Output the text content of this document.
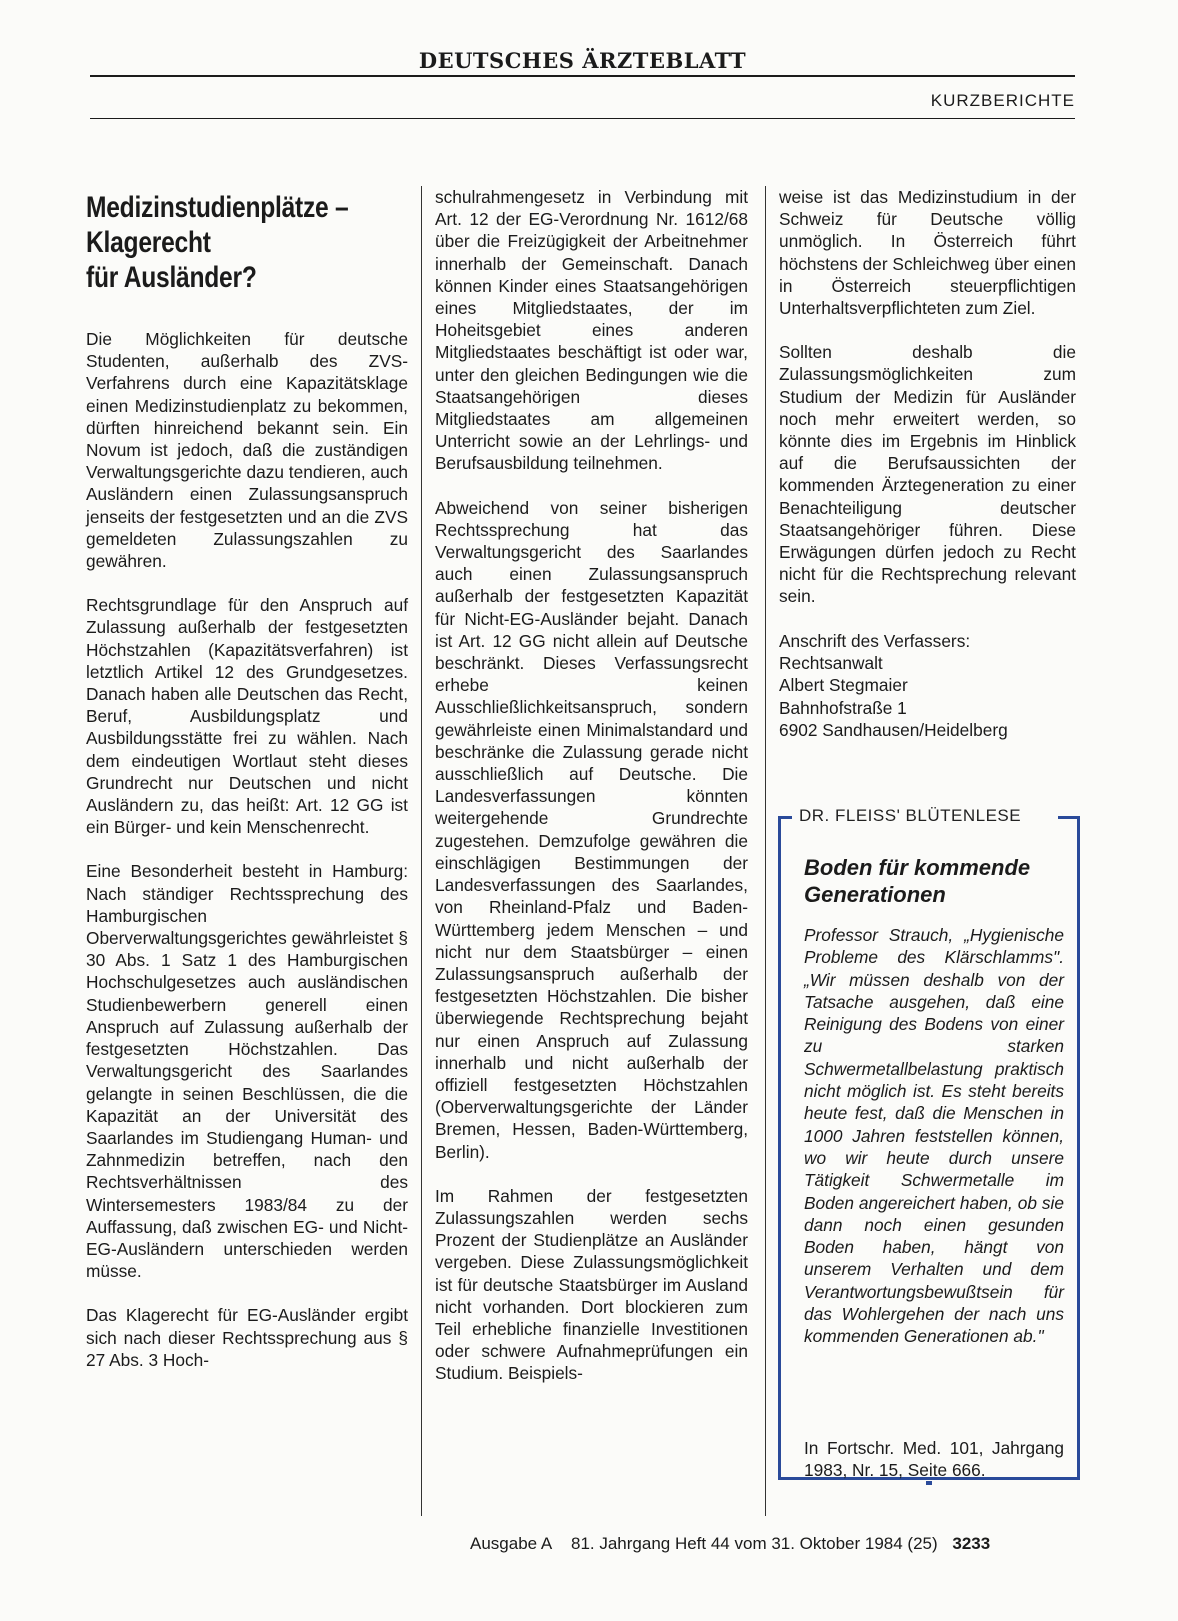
DEUTSCHES ÄRZTEBLATT
KURZBERICHTE
Medizinstudienplätze –
Klagerecht
für Ausländer?

Die Möglichkeiten für deutsche Studenten, außerhalb des ZVS-Verfahrens durch eine Kapazitätsklage einen Medizinstudienplatz zu bekommen, dürften hinreichend bekannt sein. Ein Novum ist jedoch, daß die zuständigen Verwaltungsgerichte dazu tendieren, auch Ausländern einen Zulassungsanspruch jenseits der festgesetzten und an die ZVS gemeldeten Zulassungszahlen zu gewähren.

Rechtsgrundlage für den Anspruch auf Zulassung außerhalb der festgesetzten Höchstzahlen (Kapazitätsverfahren) ist letztlich Artikel 12 des Grundgesetzes. Danach haben alle Deutschen das Recht, Beruf, Ausbildungsplatz und Ausbildungsstätte frei zu wählen. Nach dem eindeutigen Wortlaut steht dieses Grundrecht nur Deutschen und nicht Ausländern zu, das heißt: Art. 12 GG ist ein Bürger- und kein Menschenrecht.

Eine Besonderheit besteht in Hamburg: Nach ständiger Rechtssprechung des Hamburgischen Oberverwaltungsgerichtes gewährleistet § 30 Abs. 1 Satz 1 des Hamburgischen Hochschulgesetzes auch ausländischen Studienbewerbern generell einen Anspruch auf Zulassung außerhalb der festgesetzten Höchstzahlen. Das Verwaltungsgericht des Saarlandes gelangte in seinen Beschlüssen, die die Kapazität an der Universität des Saarlandes im Studiengang Human- und Zahnmedizin betreffen, nach den Rechtsverhältnissen des Wintersemesters 1983/84 zu der Auffassung, daß zwischen EG- und Nicht-EG-Ausländern unterschieden werden müsse.

Das Klagerecht für EG-Ausländer ergibt sich nach dieser Rechtssprechung aus § 27 Abs. 3 Hoch-

schulrahmengesetz in Verbindung mit Art. 12 der EG-Verordnung Nr. 1612/68 über die Freizügigkeit der Arbeitnehmer innerhalb der Gemeinschaft. Danach können Kinder eines Staatsangehörigen eines Mitgliedstaates, der im Hoheitsgebiet eines anderen Mitgliedstaates beschäftigt ist oder war, unter den gleichen Bedingungen wie die Staatsangehörigen dieses Mitgliedstaates am allgemeinen Unterricht sowie an der Lehrlings- und Berufsausbildung teilnehmen.

Abweichend von seiner bisherigen Rechtssprechung hat das Verwaltungsgericht des Saarlandes auch einen Zulassungsanspruch außerhalb der festgesetzten Kapazität für Nicht-EG-Ausländer bejaht. Danach ist Art. 12 GG nicht allein auf Deutsche beschränkt. Dieses Verfassungsrecht erhebe keinen Ausschließlichkeitsanspruch, sondern gewährleiste einen Minimalstandard und beschränke die Zulassung gerade nicht ausschließlich auf Deutsche. Die Landesverfassungen könnten weitergehende Grundrechte zugestehen. Demzufolge gewähren die einschlägigen Bestimmungen der Landesverfassungen des Saarlandes, von Rheinland-Pfalz und Baden-Württemberg jedem Menschen – und nicht nur dem Staatsbürger – einen Zulassungsanspruch außerhalb der festgesetzten Höchstzahlen. Die bisher überwiegende Rechtsprechung bejaht nur einen Anspruch auf Zulassung innerhalb und nicht außerhalb der offiziell festgesetzten Höchstzahlen (Oberverwaltungsgerichte der Länder Bremen, Hessen, Baden-Württemberg, Berlin).

Im Rahmen der festgesetzten Zulassungszahlen werden sechs Prozent der Studienplätze an Ausländer vergeben. Diese Zulassungsmöglichkeit ist für deutsche Staatsbürger im Ausland nicht vorhanden. Dort blockieren zum Teil erhebliche finanzielle Investitionen oder schwere Aufnahmeprüfungen ein Studium. Beispiels-

weise ist das Medizinstudium in der Schweiz für Deutsche völlig unmöglich. In Österreich führt höchstens der Schleichweg über einen in Österreich steuerpflichtigen Unterhaltsverpflichteten zum Ziel.

Sollten deshalb die Zulassungsmöglichkeiten zum Studium der Medizin für Ausländer noch mehr erweitert werden, so könnte dies im Ergebnis im Hinblick auf die Berufsaussichten der kommenden Ärztegeneration zu einer Benachteiligung deutscher Staatsangehöriger führen. Diese Erwägungen dürfen jedoch zu Recht nicht für die Rechtsprechung relevant sein.

Anschrift des Verfassers:
Rechtsanwalt
Albert Stegmaier
Bahnhofstraße 1
6902 Sandhausen/Heidelberg
DR. FLEISS' BLÜTENLESE
Boden für kommende Generationen
Professor Strauch, „Hygienische Probleme des Klärschlamms". „Wir müssen deshalb von der Tatsache ausgehen, daß eine Reinigung des Bodens von einer zu starken Schwermetallbelastung praktisch nicht möglich ist. Es steht bereits heute fest, daß die Menschen in 1000 Jahren feststellen können, wo wir heute durch unsere Tätigkeit Schwermetalle im Boden angereichert haben, ob sie dann noch einen gesunden Boden haben, hängt von unserem Verhalten und dem Verantwortungsbewußtsein für das Wohlergehen der nach uns kommenden Generationen ab."
In Fortschr. Med. 101, Jahrgang 1983, Nr. 15, Seite 666.
Ausgabe A 81. Jahrgang Heft 44 vom 31. Oktober 1984 (25) 3233
